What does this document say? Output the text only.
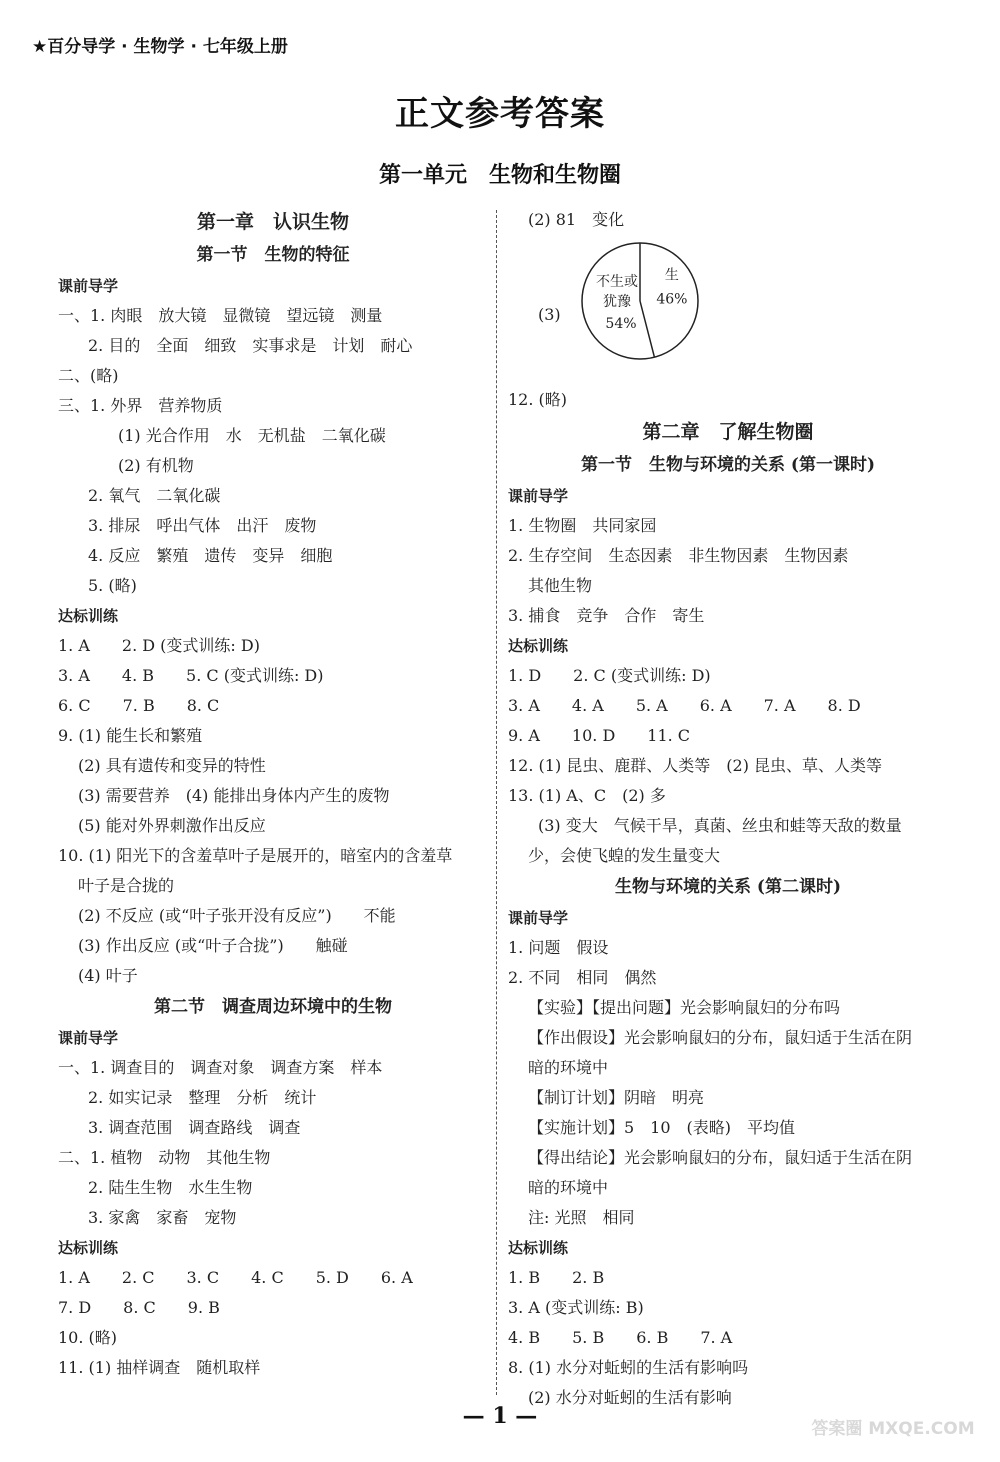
★百分导学 · 生物学 · 七年级上册
正文参考答案
第一单元　生物和生物圈
第一章　认识生物
第一节　生物的特征
课前导学
一、1. 肉眼　放大镜　显微镜　望远镜　测量
2. 目的　全面　细致　实事求是　计划　耐心
二、(略)
三、1. 外界　营养物质
(1) 光合作用　水　无机盐　二氧化碳
(2) 有机物
2. 氧气　二氧化碳
3. 排尿　呼出气体　出汗　废物
4. 反应　繁殖　遗传　变异　细胞
5. (略)
达标训练
1. A　　2. D (变式训练: D)
3. A　　4. B　　5. C (变式训练: D)
6. C　　7. B　　8. C
9. (1) 能生长和繁殖
(2) 具有遗传和变异的特性
(3) 需要营养　(4) 能排出身体内产生的废物
(5) 能对外界刺激作出反应
10. (1) 阳光下的含羞草叶子是展开的，暗室内的含羞草
叶子是合拢的
(2) 不反应 (或“叶子张开没有反应”)　　不能
(3) 作出反应 (或“叶子合拢”)　　触碰
(4) 叶子
第二节　调查周边环境中的生物
课前导学
一、1. 调查目的　调查对象　调查方案　样本
2. 如实记录　整理　分析　统计
3. 调查范围　调查路线　调查
二、1. 植物　动物　其他生物
2. 陆生生物　水生生物
3. 家禽　家畜　宠物
达标训练
1. A　　2. C　　3. C　　4. C　　5. D　　6. A
7. D　　8. C　　9. B
10. (略)
11. (1) 抽样调查　随机取样
(2) 81　变化
(3)
生
46%
不生或
犹豫
54%
12. (略)
第二章　了解生物圈
第一节　生物与环境的关系 (第一课时)
课前导学
1. 生物圈　共同家园
2. 生存空间　生态因素　非生物因素　生物因素
其他生物
3. 捕食　竞争　合作　寄生
达标训练
1. D　　2. C (变式训练: D)
3. A　　4. A　　5. A　　6. A　　7. A　　8. D
9. A　　10. D　　11. C
12. (1) 昆虫、鹿群、人类等　(2) 昆虫、草、人类等
13. (1) A、C　(2) 多
(3) 变大　气候干旱，真菌、丝虫和蛙等天敌的数量
少，会使飞蝗的发生量变大
生物与环境的关系 (第二课时)
课前导学
1. 问题　假设
2. 不同　相同　偶然
【实验】【提出问题】光会影响鼠妇的分布吗
【作出假设】光会影响鼠妇的分布，鼠妇适于生活在阴
暗的环境中
【制订计划】阴暗　明亮
【实施计划】5　10　(表略)　平均值
【得出结论】光会影响鼠妇的分布，鼠妇适于生活在阴
暗的环境中
注: 光照　相同
达标训练
1. B　　2. B
3. A (变式训练: B)
4. B　　5. B　　6. B　　7. A
8. (1) 水分对蚯蚓的生活有影响吗
(2) 水分对蚯蚓的生活有影响
— 1 —	答案圈 MXQE.COM
